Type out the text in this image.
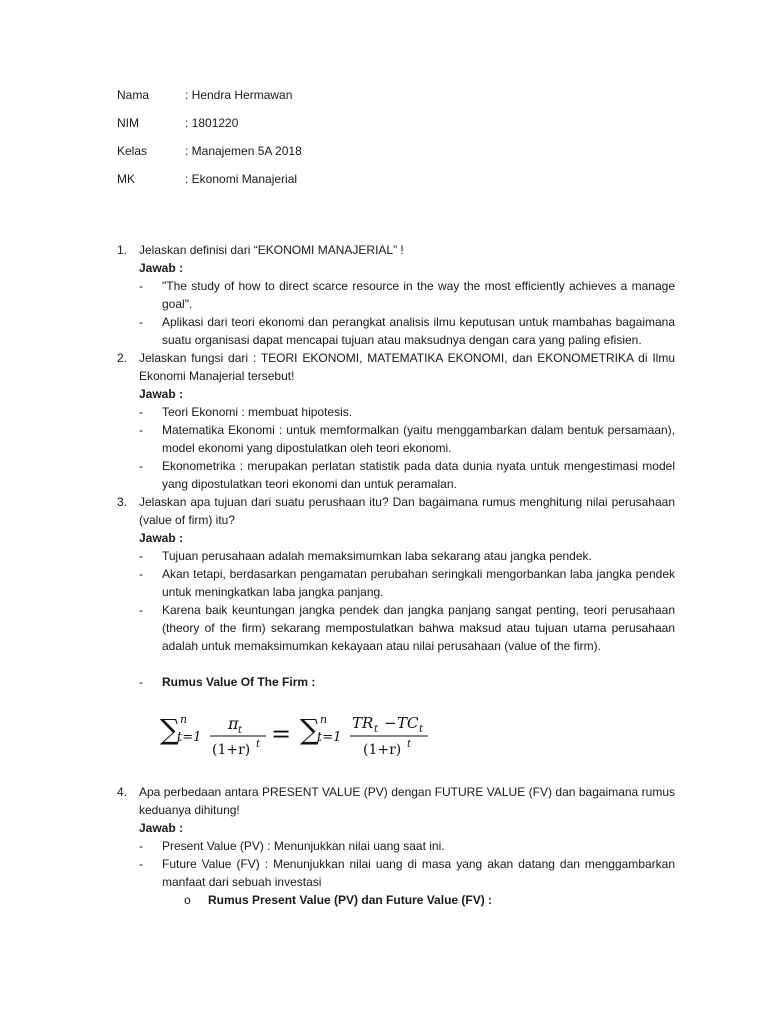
Nama	: Hendra Hermawan
NIM	: 1801220
Kelas	: Manajemen 5A 2018
MK	: Ekonomi Manajerial
1. Jelaskan definisi dari “EKONOMI MANAJERIAL” !
Jawab :
-	"The study of how to direct scarce resource in the way the most efficiently achieves a manage goal".
-	Aplikasi dari teori ekonomi dan perangkat analisis ilmu keputusan untuk mambahas bagaimana suatu organisasi dapat mencapai tujuan atau maksudnya dengan cara yang paling efisien.
2. Jelaskan fungsi dari : TEORI EKONOMI, MATEMATIKA EKONOMI, dan EKONOMETRIKA di Ilmu Ekonomi Manajerial tersebut!
Jawab :
-	Teori Ekonomi : membuat hipotesis.
-	Matematika Ekonomi : untuk memformalkan (yaitu menggambarkan dalam bentuk persamaan), model ekonomi yang dipostulatkan oleh teori ekonomi.
-	Ekonometrika : merupakan perlatan statistik pada data dunia nyata untuk mengestimasi model yang dipostulatkan teori ekonomi dan untuk peramalan.
3. Jelaskan apa tujuan dari suatu perushaan itu? Dan bagaimana rumus menghitung nilai perusahaan (value of firm) itu?
Jawab :
-	Tujuan perusahaan adalah memaksimumkan laba sekarang atau jangka pendek.
-	Akan tetapi, berdasarkan pengamatan perubahan seringkali mengorbankan laba jangka pendek untuk meningkatkan laba jangka panjang.
-	Karena baik keuntungan jangka pendek dan jangka panjang sangat penting, teori perusahaan (theory of the firm) sekarang mempostulatkan bahwa maksud atau tujuan utama perusahaan adalah untuk memaksimumkan kekayaan atau nilai perusahaan (value of the firm).
-	Rumus Value Of The Firm :
∑ n
t=1
π t
(1+r) t = ∑ n
t=1
TR t − TC t
(1+r) t
4. Apa perbedaan antara PRESENT VALUE (PV) dengan FUTURE VALUE (FV) dan bagaimana rumus keduanya dihitung!
Jawab :
-	Present Value (PV) : Menunjukkan nilai uang saat ini.
-	Future Value (FV) : Menunjukkan nilai uang di masa yang akan datang dan menggambarkan manfaat dari sebuah investasi
o Rumus Present Value (PV) dan Future Value (FV) :
